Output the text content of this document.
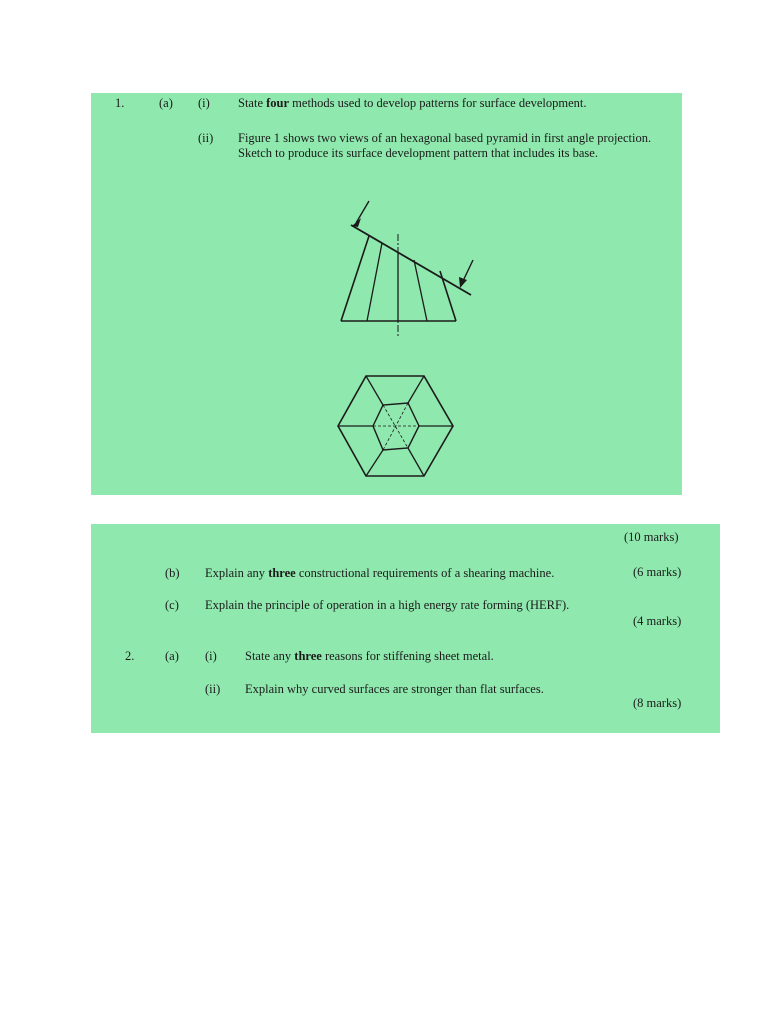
1.	(a) (i) State four methods used to develop patterns for surface development.
(ii) Figure 1 shows two views of an hexagonal based pyramid in first angle projection. Sketch to produce its surface development pattern that includes its base.
(10 marks)
(b) Explain any three constructional requirements of a shearing machine.	(6 marks)
(c) Explain the principle of operation in a high energy rate forming (HERF).
(4 marks)
2. (a) (i) State any three reasons for stiffening sheet metal.
(ii) Explain why curved surfaces are stronger than flat surfaces.
(8 marks)
